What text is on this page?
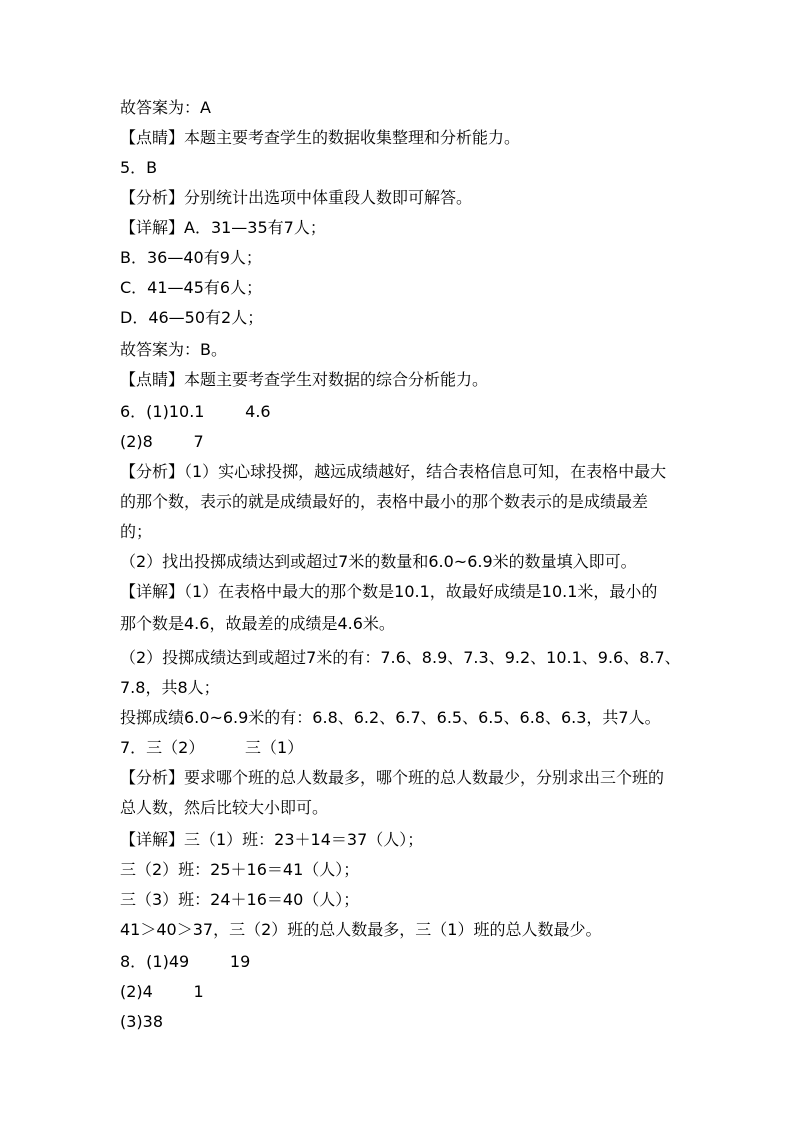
故答案为：A
【点睛】本题主要考查学生的数据收集整理和分析能力。
5．B
【分析】分别统计出选项中体重段人数即可解答。
【详解】A．31—35有7人；
B．36—40有9人；
C．41—45有6人；
D．46—50有2人；
故答案为：B。
【点睛】本题主要考查学生对数据的综合分析能力。
6．(1)10.1        4.6
(2)8        7
【分析】（1）实心球投掷，越远成绩越好，结合表格信息可知，在表格中最大
的那个数，表示的就是成绩最好的，表格中最小的那个数表示的是成绩最差
的；
（2）找出投掷成绩达到或超过7米的数量和6.0~6.9米的数量填入即可。
【详解】（1）在表格中最大的那个数是10.1，故最好成绩是10.1米，最小的
那个数是4.6，故最差的成绩是4.6米。
（2）投掷成绩达到或超过7米的有：7.6、8.9、7.3、9.2、10.1、9.6、8.7、
7.8，共8人；
投掷成绩6.0~6.9米的有：6.8、6.2、6.7、6.5、6.5、6.8、6.3，共7人。
7．三（2）        三（1）
【分析】要求哪个班的总人数最多，哪个班的总人数最少，分别求出三个班的
总人数，然后比较大小即可。
【详解】三（1）班：23＋14＝37（人）；
三（2）班：25＋16＝41（人）；
三（3）班：24＋16＝40（人）；
41＞40＞37，三（2）班的总人数最多，三（1）班的总人数最少。
8．(1)49        19
(2)4        1
(3)38
